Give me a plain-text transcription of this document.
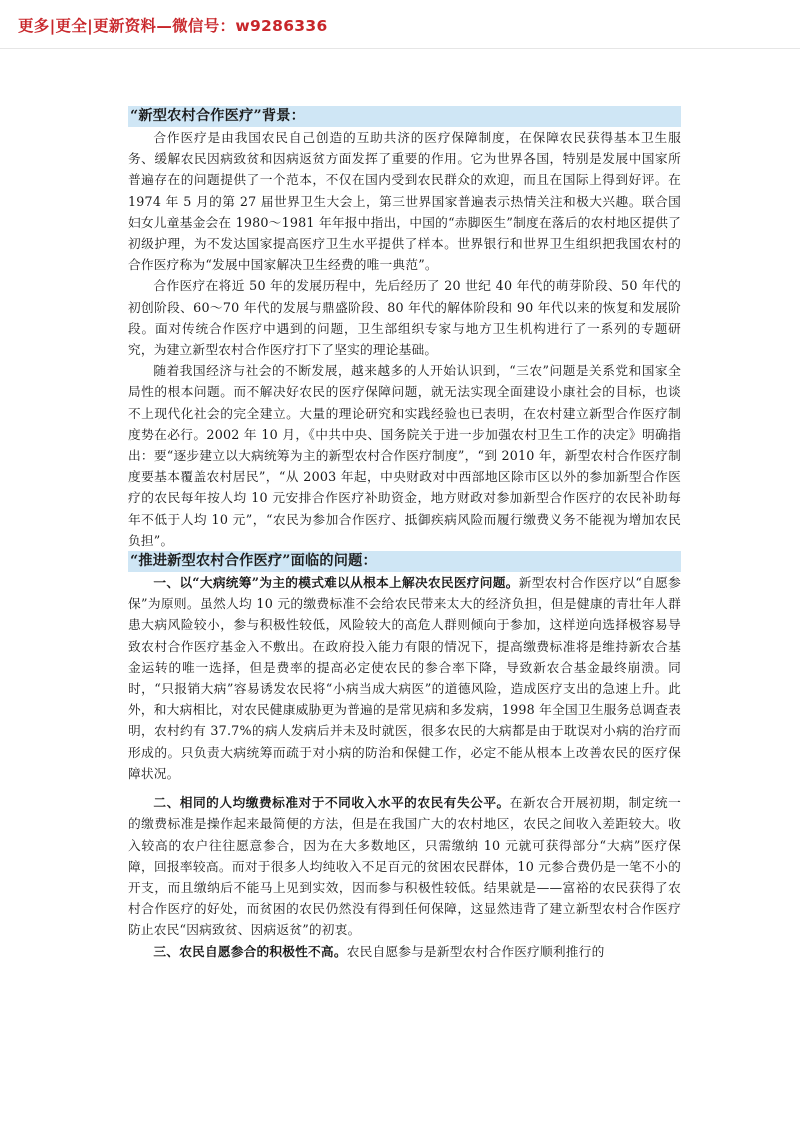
更多|更全|更新资料—微信号：w9286336
“新型农村合作医疗”背景：

合作医疗是由我国农民自己创造的互助共济的医疗保障制度，在保障农民获得基本卫生服务、缓解农民因病致贫和因病返贫方面发挥了重要的作用。它为世界各国，特别是发展中国家所普遍存在的问题提供了一个范本，不仅在国内受到农民群众的欢迎，而且在国际上得到好评。在 1974 年 5 月的第 27 届世界卫生大会上，第三世界国家普遍表示热情关注和极大兴趣。联合国妇女儿童基金会在 1980～1981 年年报中指出，中国的“赤脚医生”制度在落后的农村地区提供了初级护理，为不发达国家提高医疗卫生水平提供了样本。世界银行和世界卫生组织把我国农村的合作医疗称为“发展中国家解决卫生经费的唯一典范”。

合作医疗在将近 50 年的发展历程中，先后经历了 20 世纪 40 年代的萌芽阶段、50 年代的初创阶段、60～70 年代的发展与鼎盛阶段、80 年代的解体阶段和 90 年代以来的恢复和发展阶段。面对传统合作医疗中遇到的问题，卫生部组织专家与地方卫生机构进行了一系列的专题研究，为建立新型农村合作医疗打下了坚实的理论基础。

随着我国经济与社会的不断发展，越来越多的人开始认识到，“三农”问题是关系党和国家全局性的根本问题。而不解决好农民的医疗保障问题，就无法实现全面建设小康社会的目标，也谈不上现代化社会的完全建立。大量的理论研究和实践经验也已表明，在农村建立新型合作医疗制度势在必行。2002 年 10 月，《中共中央、国务院关于进一步加强农村卫生工作的决定》明确指出：要“逐步建立以大病统筹为主的新型农村合作医疗制度”，“到 2010 年，新型农村合作医疗制度要基本覆盖农村居民”，“从 2003 年起，中央财政对中西部地区除市区以外的参加新型合作医疗的农民每年按人均 10 元安排合作医疗补助资金，地方财政对参加新型合作医疗的农民补助每年不低于人均 10 元”，“农民为参加合作医疗、抵御疾病风险而履行缴费义务不能视为增加农民负担”。

“推进新型农村合作医疗”面临的问题：

一、以“大病统筹”为主的模式难以从根本上解决农民医疗问题。新型农村合作医疗以“自愿参保”为原则。虽然人均 10 元的缴费标准不会给农民带来太大的经济负担，但是健康的青壮年人群患大病风险较小，参与积极性较低，风险较大的高危人群则倾向于参加，这样逆向选择极容易导致农村合作医疗基金入不敷出。在政府投入能力有限的情况下，提高缴费标准将是维持新农合基金运转的唯一选择，但是费率的提高必定使农民的参合率下降，导致新农合基金最终崩溃。同时，“只报销大病”容易诱发农民将“小病当成大病医”的道德风险，造成医疗支出的急速上升。此外，和大病相比，对农民健康威胁更为普遍的是常见病和多发病，1998 年全国卫生服务总调查表明，农村约有 37.7%的病人发病后并未及时就医，很多农民的大病都是由于耽误对小病的治疗而形成的。只负责大病统筹而疏于对小病的防治和保健工作，必定不能从根本上改善农民的医疗保障状况。

二、相同的人均缴费标准对于不同收入水平的农民有失公平。在新农合开展初期，制定统一的缴费标准是操作起来最简便的方法，但是在我国广大的农村地区，农民之间收入差距较大。收入较高的农户往往愿意参合，因为在大多数地区，只需缴纳 10 元就可获得部分“大病”医疗保障，回报率较高。而对于很多人均纯收入不足百元的贫困农民群体，10 元参合费仍是一笔不小的开支，而且缴纳后不能马上见到实效，因而参与积极性较低。结果就是——富裕的农民获得了农村合作医疗的好处，而贫困的农民仍然没有得到任何保障，这显然违背了建立新型农村合作医疗防止农民“因病致贫、因病返贫”的初衷。

三、农民自愿参合的积极性不高。农民自愿参与是新型农村合作医疗顺利推行的
